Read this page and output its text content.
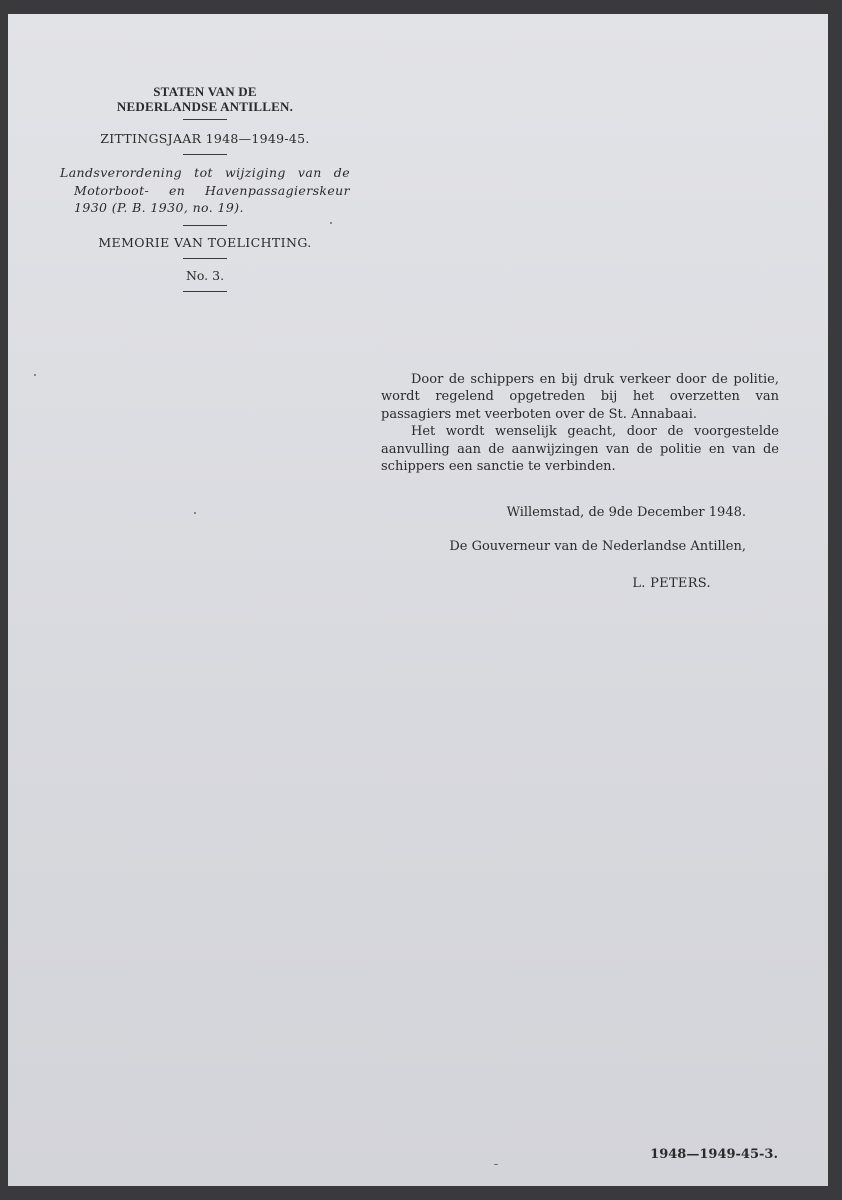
STATEN VAN DE
NEDERLANDSE ANTILLEN.
ZITTINGSJAAR 1948—1949-45.
Landsverordening tot wijziging van de
Motorboot- en Havenpassagierskeur
1930 (P. B. 1930, no. 19).
MEMORIE VAN TOELICHTING.
No. 3.

Door de schippers en bij druk verkeer door de politie, wordt regelend opgetreden bij het overzetten van passagiers met veerboten over de St. Annabaai.

Het wordt wenselijk geacht, door de voorgestelde aanvulling aan de aanwijzingen van de politie en van de schippers een sanctie te verbinden.

Willemstad, de 9de December 1948.
De Gouverneur van de Nederlandse Antillen,
L. PETERS.
1948—1949-45-3.
